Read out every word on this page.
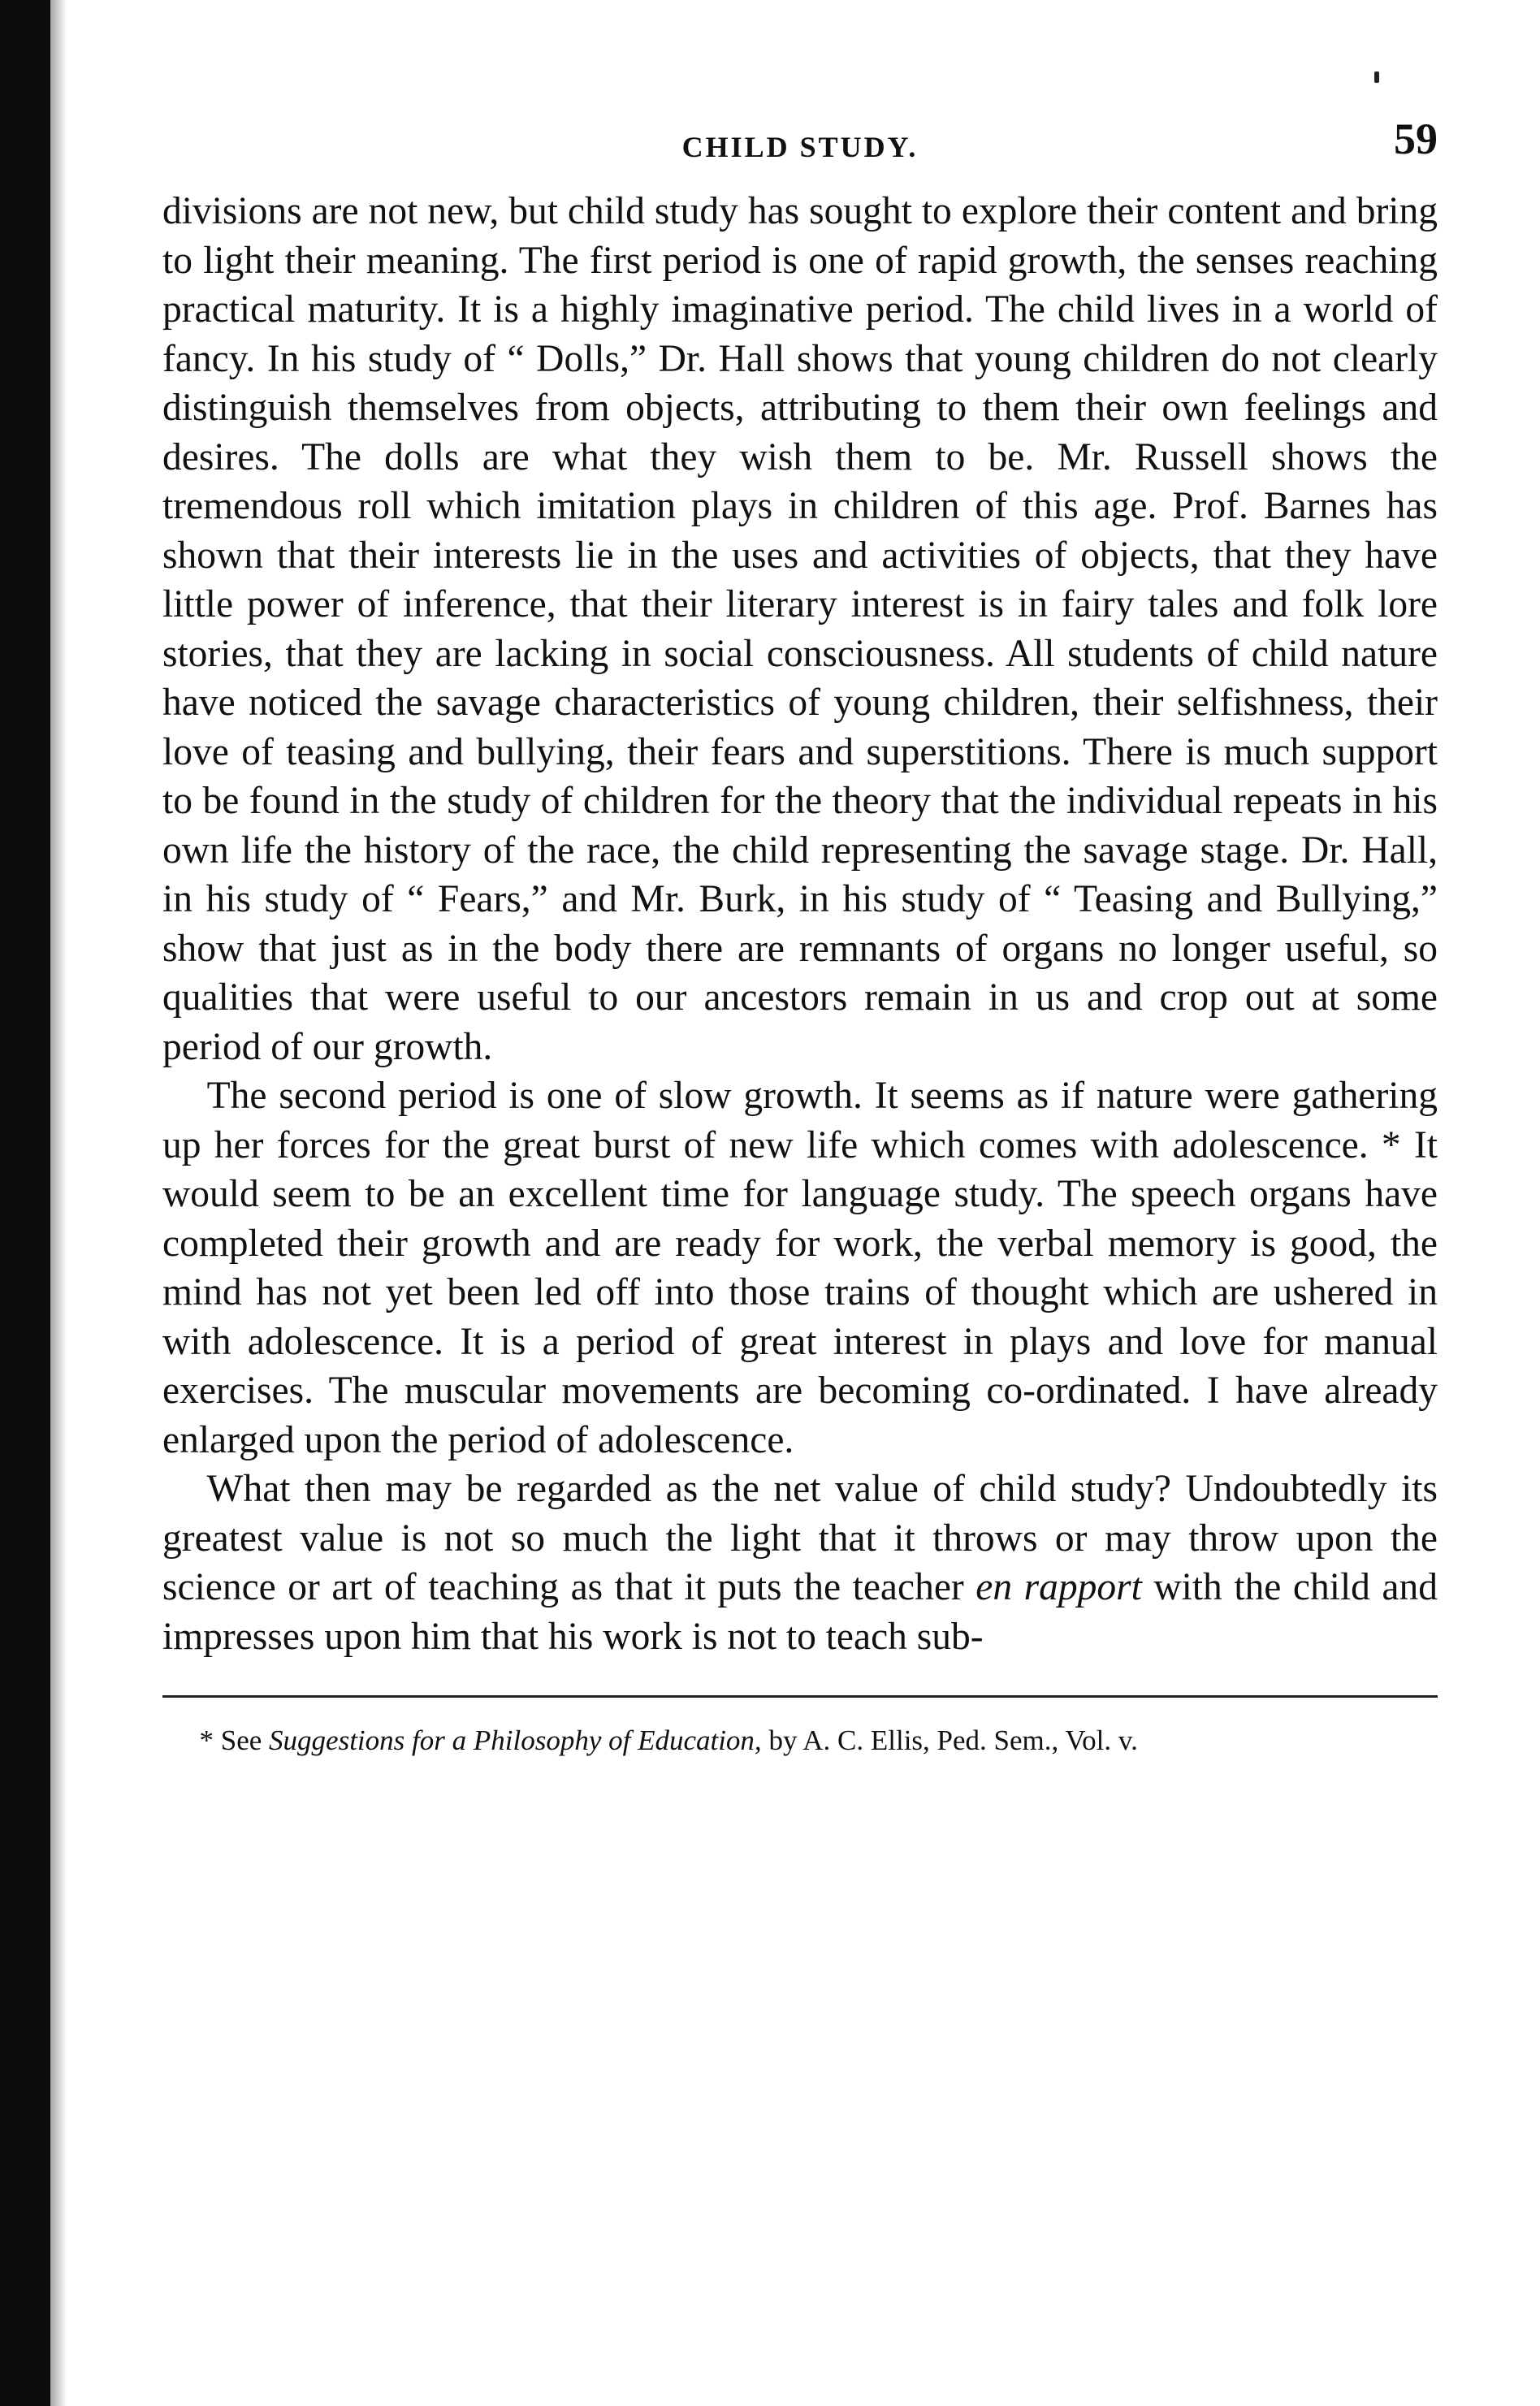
CHILD STUDY.	59

divisions are not new, but child study has sought to explore their content and bring to light their meaning. The first period is one of rapid growth, the senses reaching practical maturity. It is a highly imaginative period. The child lives in a world of fancy. In his study of “ Dolls,” Dr. Hall shows that young children do not clearly distinguish themselves from objects, attributing to them their own feelings and desires. The dolls are what they wish them to be. Mr. Russell shows the tremendous roll which imitation plays in children of this age. Prof. Barnes has shown that their interests lie in the uses and activities of objects, that they have little power of inference, that their literary interest is in fairy tales and folk lore stories, that they are lacking in social consciousness. All students of child nature have noticed the savage characteristics of young children, their selfishness, their love of teasing and bullying, their fears and superstitions. There is much support to be found in the study of children for the theory that the individual repeats in his own life the history of the race, the child representing the savage stage. Dr. Hall, in his study of “ Fears,” and Mr. Burk, in his study of “ Teasing and Bullying,” show that just as in the body there are remnants of organs no longer useful, so qualities that were useful to our ancestors remain in us and crop out at some period of our growth.

The second period is one of slow growth. It seems as if nature were gathering up her forces for the great burst of new life which comes with adolescence. * It would seem to be an excellent time for language study. The speech organs have completed their growth and are ready for work, the verbal memory is good, the mind has not yet been led off into those trains of thought which are ushered in with adolescence. It is a period of great interest in plays and love for manual exercises. The muscular movements are becoming co-ordinated. I have already enlarged upon the period of adolescence.

What then may be regarded as the net value of child study? Undoubtedly its greatest value is not so much the light that it throws or may throw upon the science or art of teaching as that it puts the teacher en rapport with the child and impresses upon him that his work is not to teach sub-

* See Suggestions for a Philosophy of Education, by A. C. Ellis, Ped. Sem., Vol. v.
